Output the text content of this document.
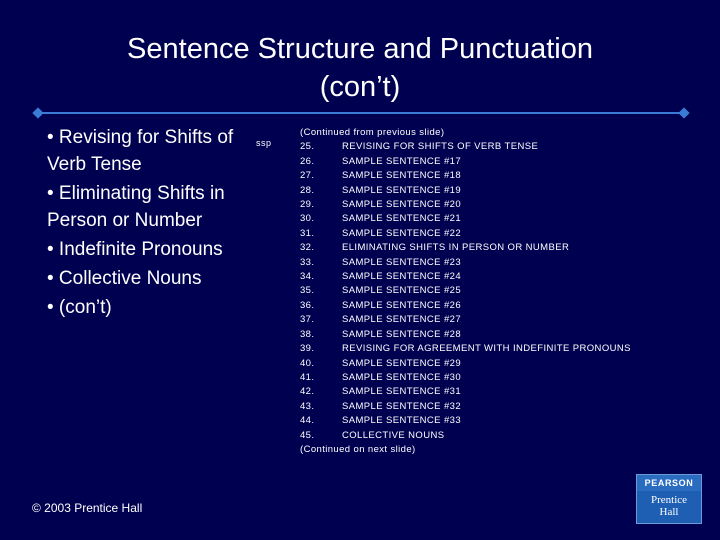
Sentence Structure and Punctuation
(con’t)
• Revising for Shifts of Verb Tense
• Eliminating Shifts in Person or Number
• Indefinite Pronouns
• Collective Nouns
• (con’t)
ssp
(Continued from previous slide)
25.	REVISING FOR SHIFTS OF VERB TENSE
26.	SAMPLE SENTENCE #17
27.	SAMPLE SENTENCE #18
28.	SAMPLE SENTENCE #19
29.	SAMPLE SENTENCE #20
30.	SAMPLE SENTENCE #21
31.	SAMPLE SENTENCE #22
32.	ELIMINATING SHIFTS IN PERSON OR NUMBER
33.	SAMPLE SENTENCE #23
34.	SAMPLE SENTENCE #24
35.	SAMPLE SENTENCE #25
36.	SAMPLE SENTENCE #26
37.	SAMPLE SENTENCE #27
38.	SAMPLE SENTENCE #28
39.	REVISING FOR AGREEMENT WITH INDEFINITE PRONOUNS
40.	SAMPLE SENTENCE #29
41.	SAMPLE SENTENCE #30
42.	SAMPLE SENTENCE #31
43.	SAMPLE SENTENCE #32
44.	SAMPLE SENTENCE #33
45.	COLLECTIVE NOUNS
(Continued on next slide)
© 2003 Prentice Hall
PEARSON
Prentice
Hall
